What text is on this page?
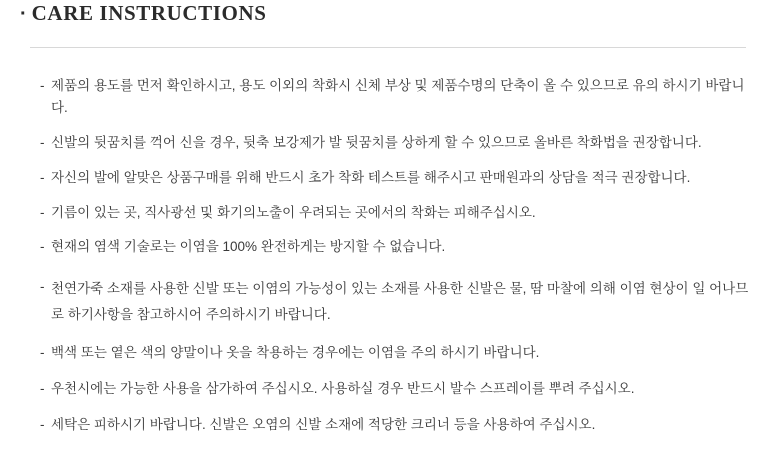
· CARE INSTRUCTIONS
- 제품의 용도를 먼저 확인하시고, 용도 이외의 착화시 신체 부상 및 제품수명의 단축이 올 수 있으므로 유의 하시기 바랍니다.
- 신발의 뒷꿈치를 꺽어 신을 경우, 뒷축 보강제가 발 뒷꿈치를 상하게 할 수 있으므로 올바른 착화법을 권장합니다.
- 자신의 발에 알맞은 상품구매를 위해 반드시 초가 착화 테스트를 해주시고 판매원과의 상담을 적극 권장합니다.
- 기름이 있는 곳, 직사광선 및 화기의노출이 우려되는 곳에서의 착화는 피해주십시오.
- 현재의 염색 기술로는 이염을 100% 완전하게는 방지할 수 없습니다.
- 천연가죽 소재를 사용한 신발 또는 이염의 가능성이 있는 소재를 사용한 신발은 물, 땀 마찰에 의해 이염 현상이 일 어나므로 하기사항을 참고하시어 주의하시기 바랍니다.
- 백색 또는 옅은 색의 양말이나 옷을 착용하는 경우에는 이염을 주의 하시기 바랍니다.
- 우천시에는 가능한 사용을 삼가하여 주십시오. 사용하실 경우 반드시 발수 스프레이를 뿌려 주십시오.
- 세탁은 피하시기 바랍니다. 신발은 오염의 신발 소재에 적당한 크리너 등을 사용하여 주십시오.
